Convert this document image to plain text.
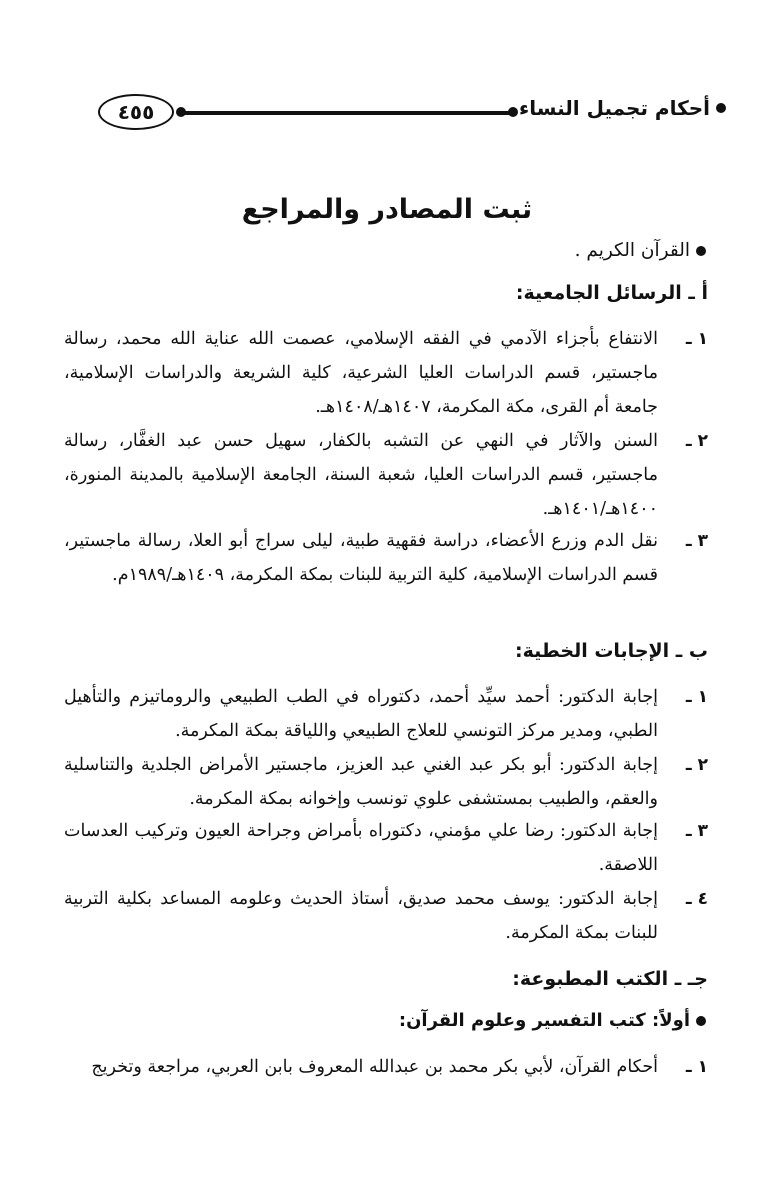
أحكام تجميل النساء
٤٥٥
ثبت المصادر والمراجع
القرآن الكريم .
أ ـ الرسائل الجامعية:
١ ـ
الانتفاع بأجزاء الآدمي في الفقه الإسلامي، عصمت الله عناية الله محمد، رسالة ماجستير، قسم الدراسات العليا الشرعية، كلية الشريعة والدراسات الإسلامية، جامعة أم القرى، مكة المكرمة، ١٤٠٧هـ/١٤٠٨هـ.
٢ ـ
السنن والآثار في النهي عن التشبه بالكفار، سهيل حسن عبد الغفَّار، رسالة ماجستير، قسم الدراسات العليا، شعبة السنة، الجامعة الإسلامية بالمدينة المنورة، ١٤٠٠هـ/١٤٠١هـ.
٣ ـ
نقل الدم وزرع الأعضاء، دراسة فقهية طبية، ليلى سراج أبو العلا، رسالة ماجستير، قسم الدراسات الإسلامية، كلية التربية للبنات بمكة المكرمة، ١٤٠٩هـ/١٩٨٩م.
ب ـ الإجابات الخطية:
١ ـ
إجابة الدكتور: أحمد سيِّد أحمد، دكتوراه في الطب الطبيعي والروماتيزم والتأهيل الطبي، ومدير مركز التونسي للعلاج الطبيعي واللياقة بمكة المكرمة.
٢ ـ
إجابة الدكتور: أبو بكر عبد الغني عبد العزيز، ماجستير الأمراض الجلدية والتناسلية والعقم، والطبيب بمستشفى علوي تونسب وإخوانه بمكة المكرمة.
٣ ـ
إجابة الدكتور: رضا علي مؤمني، دكتوراه بأمراض وجراحة العيون وتركيب العدسات اللاصقة.
٤ ـ
إجابة الدكتور: يوسف محمد صديق، أستاذ الحديث وعلومه المساعد بكلية التربية للبنات بمكة المكرمة.
جـ ـ الكتب المطبوعة:
أولاً: كتب التفسير وعلوم القرآن:
١ ـ
أحكام القرآن، لأبي بكر محمد بن عبدالله المعروف بابن العربي، مراجعة وتخريج
